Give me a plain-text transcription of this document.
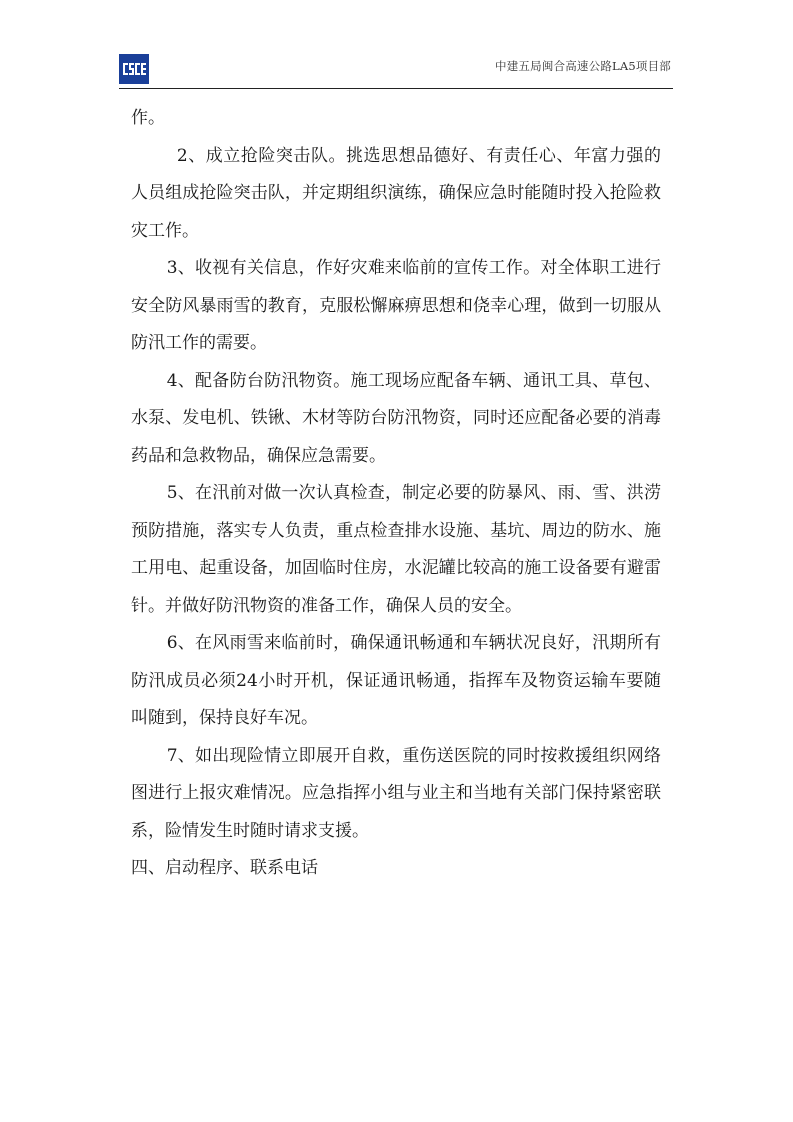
中建五局闽合高速公路LA5项目部

作。

2、成立抢险突击队。挑选思想品德好、有责任心、年富力强的人员组成抢险突击队，并定期组织演练，确保应急时能随时投入抢险救灾工作。

3、收视有关信息，作好灾难来临前的宣传工作。对全体职工进行安全防风暴雨雪的教育，克服松懈麻痹思想和侥幸心理，做到一切服从防汛工作的需要。

4、配备防台防汛物资。施工现场应配备车辆、通讯工具、草包、水泵、发电机、铁锹、木材等防台防汛物资，同时还应配备必要的消毒药品和急救物品，确保应急需要。

5、在汛前对做一次认真检查，制定必要的防暴风、雨、雪、洪涝预防措施，落实专人负责，重点检查排水设施、基坑、周边的防水、施工用电、起重设备，加固临时住房，水泥罐比较高的施工设备要有避雷针。并做好防汛物资的准备工作，确保人员的安全。

6、在风雨雪来临前时，确保通讯畅通和车辆状况良好，汛期所有防汛成员必须24小时开机，保证通讯畅通，指挥车及物资运输车要随叫随到，保持良好车况。

7、如出现险情立即展开自救，重伤送医院的同时按救援组织网络图进行上报灾难情况。应急指挥小组与业主和当地有关部门保持紧密联系，险情发生时随时请求支援。

四、启动程序、联系电话
